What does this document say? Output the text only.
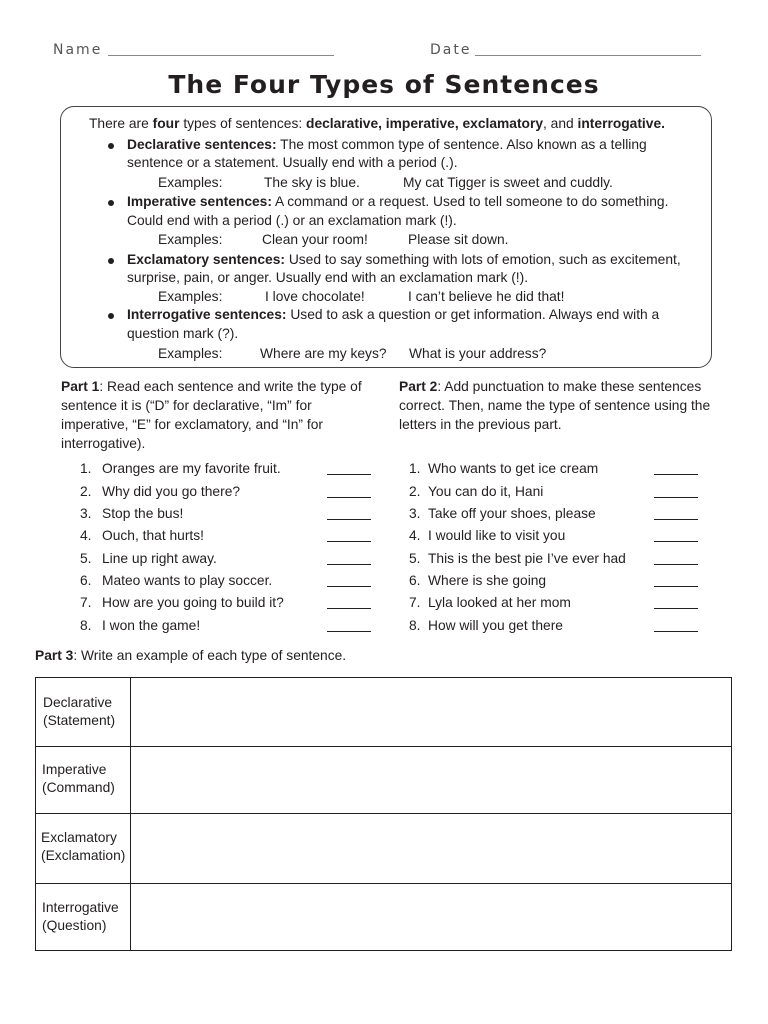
Name	Date
The Four Types of Sentences
There are four types of sentences: declarative, imperative, exclamatory, and interrogative.
Declarative sentences: The most common type of sentence. Also known as a telling
sentence or a statement. Usually end with a period (.).
Examples:	The sky is blue.	My cat Tigger is sweet and cuddly.
Imperative sentences: A command or a request. Used to tell someone to do something.
Could end with a period (.) or an exclamation mark (!).
Examples:	Clean your room!	Please sit down.
Exclamatory sentences: Used to say something with lots of emotion, such as excitement,
surprise, pain, or anger. Usually end with an exclamation mark (!).
Examples:	I love chocolate!	I can’t believe he did that!
Interrogative sentences: Used to ask a question or get information. Always end with a
question mark (?).
Examples:	Where are my keys? What is your address?
Part 1: Read each sentence and write the type of
sentence it is (“D” for declarative, “Im” for
imperative, “E” for exclamatory, and “In” for
interrogative).
Part 2: Add punctuation to make these sentences
correct. Then, name the type of sentence using the
letters in the previous part.
1. Oranges are my favorite fruit.
2. Why did you go there?
3. Stop the bus!
4. Ouch, that hurts!
5. Line up right away.
6. Mateo wants to play soccer.
7. How are you going to build it?
8. I won the game!
1. Who wants to get ice cream
2. You can do it, Hani
3. Take off your shoes, please
4. I would like to visit you
5. This is the best pie I’ve ever had
6. Where is she going
7. Lyla looked at her mom
8. How will you get there
Part 3: Write an example of each type of sentence.
Declarative
(Statement)
Imperative
(Command)
Exclamatory
(Exclamation)
Interrogative
(Question)
